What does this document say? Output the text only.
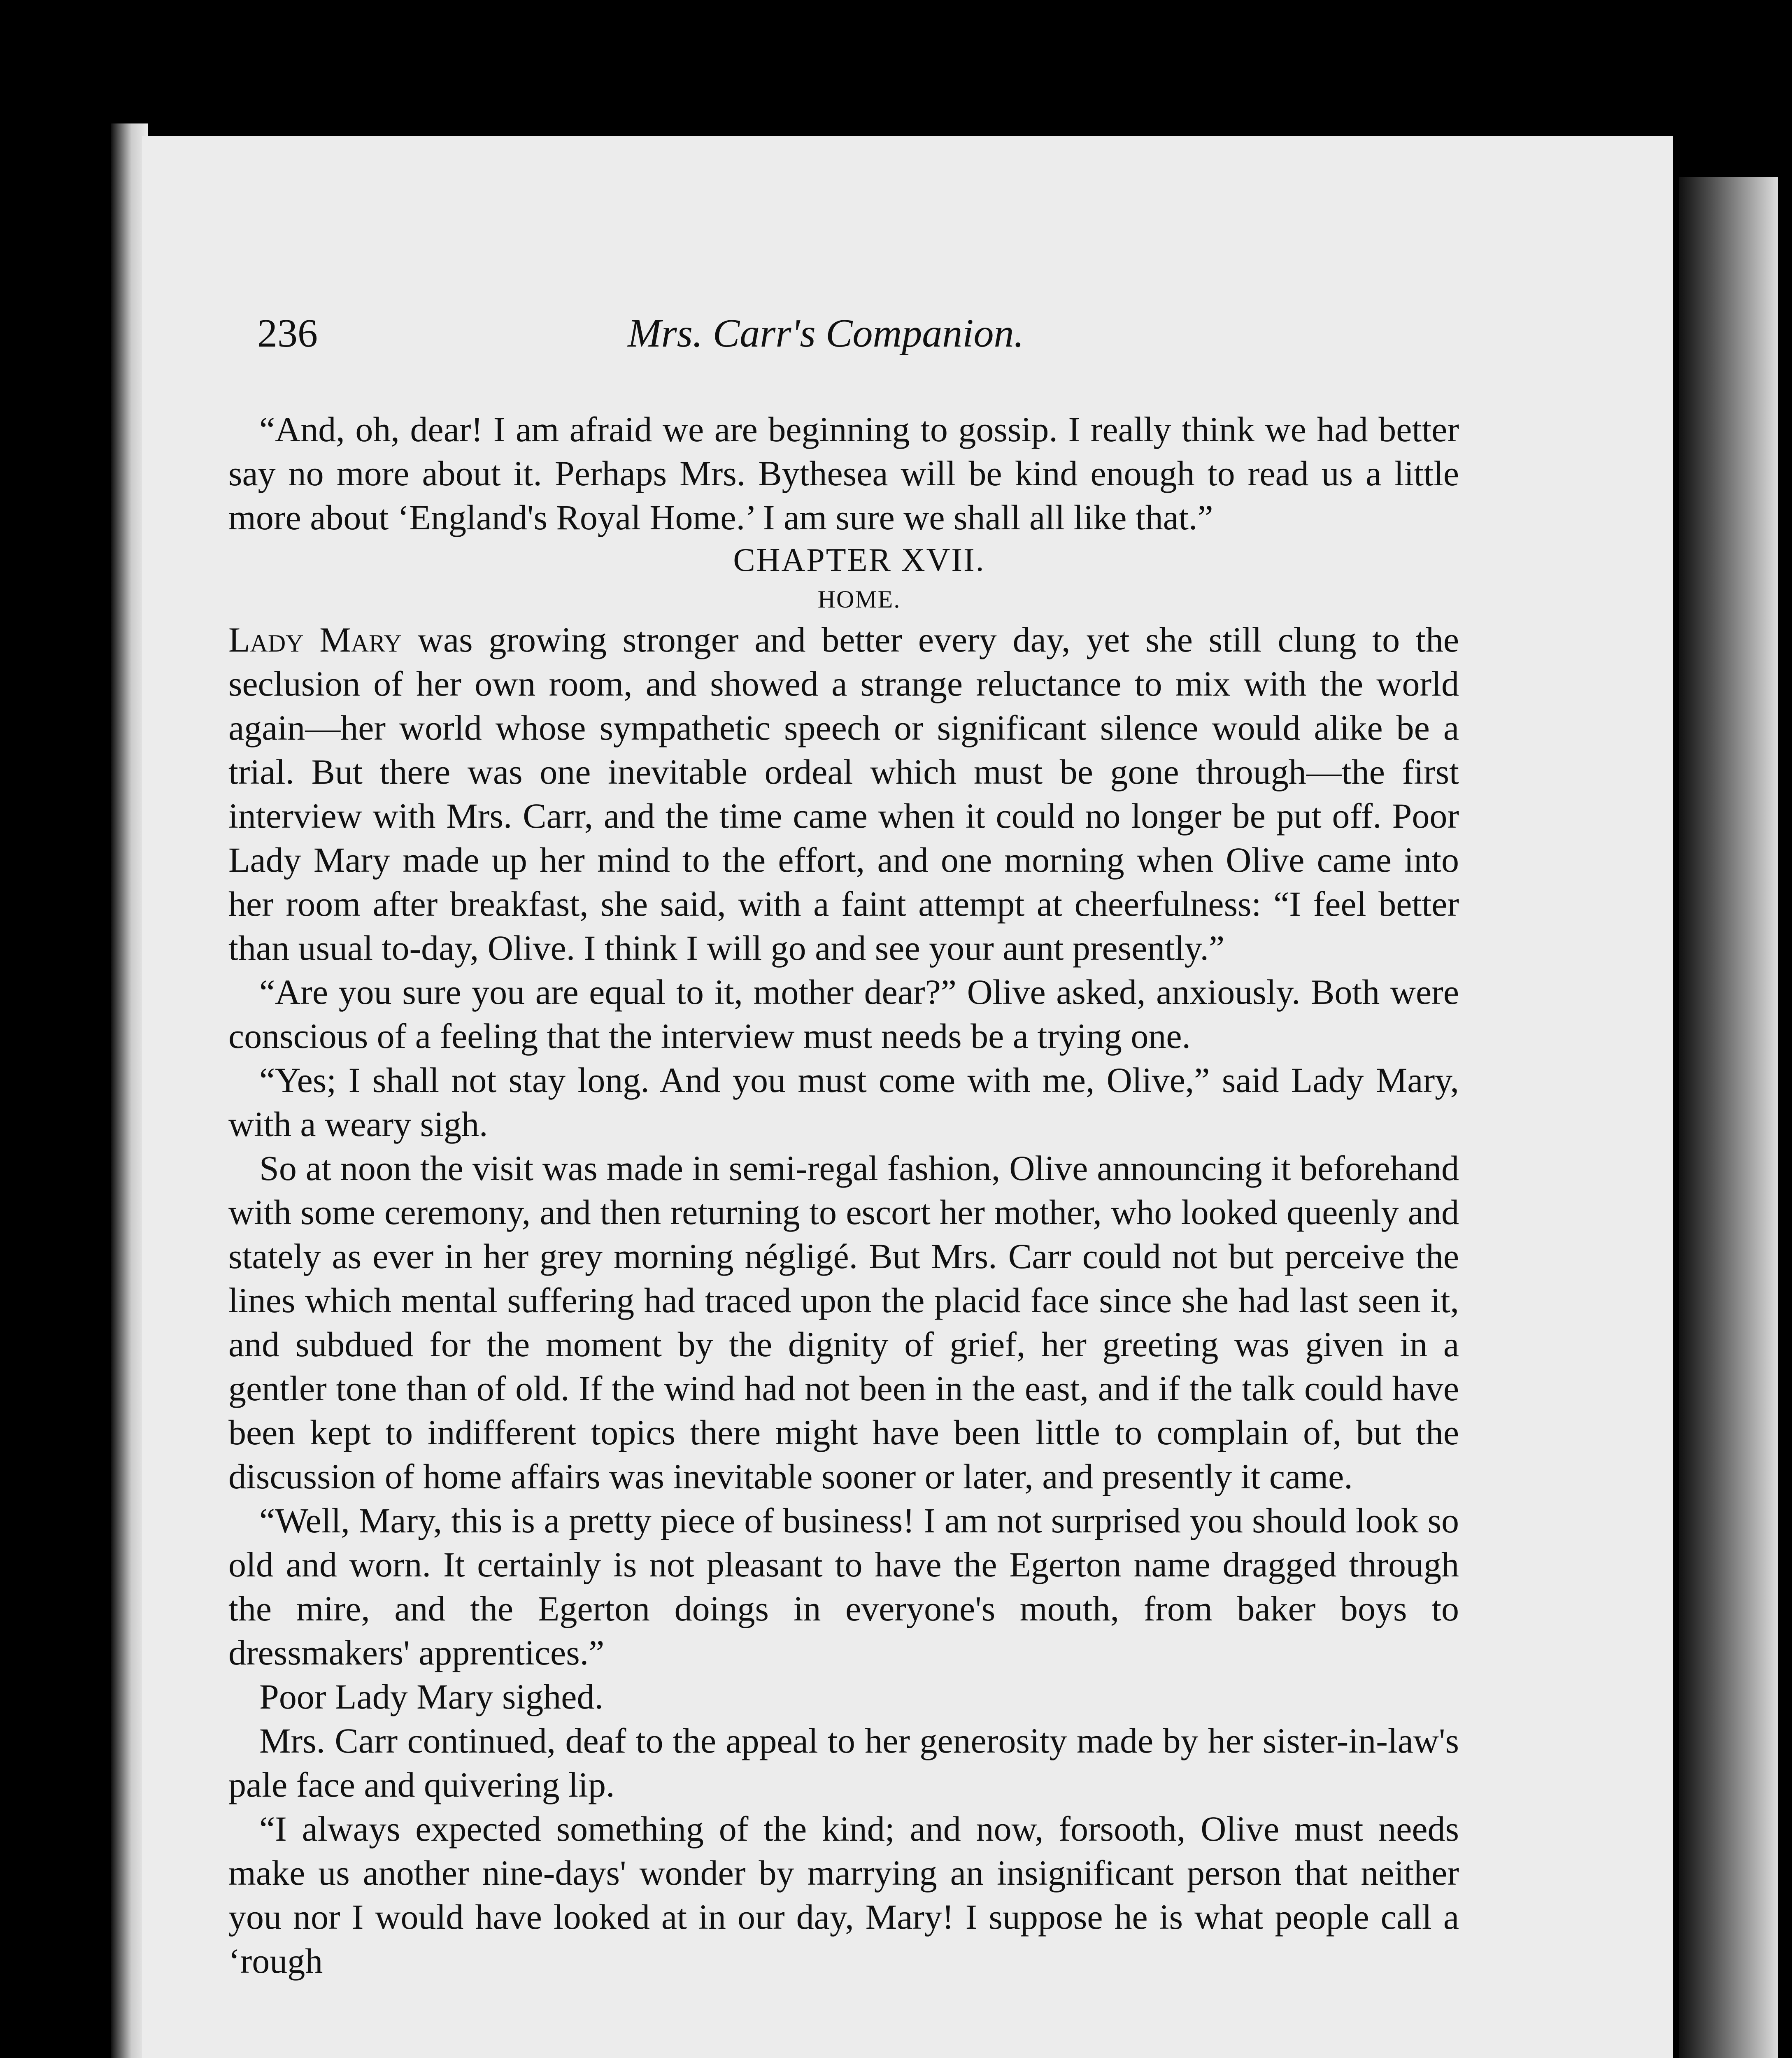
236	Mrs. Carr's Companion.

“And, oh, dear! I am afraid we are beginning to gossip. I really think we had better say no more about it. Perhaps Mrs. Bythesea will be kind enough to read us a little more about ‘England's Royal Home.’ I am sure we shall all like that.”

CHAPTER XVII.

HOME.

Lady Mary was growing stronger and better every day, yet she still clung to the seclusion of her own room, and showed a strange reluctance to mix with the world again—her world whose sympathetic speech or significant silence would alike be a trial. But there was one inevitable ordeal which must be gone through—the first interview with Mrs. Carr, and the time came when it could no longer be put off. Poor Lady Mary made up her mind to the effort, and one morning when Olive came into her room after breakfast, she said, with a faint attempt at cheerfulness: “I feel better than usual to-day, Olive. I think I will go and see your aunt presently.”

“Are you sure you are equal to it, mother dear?” Olive asked, anxiously. Both were conscious of a feeling that the interview must needs be a trying one.

“Yes; I shall not stay long. And you must come with me, Olive,” said Lady Mary, with a weary sigh.

So at noon the visit was made in semi-regal fashion, Olive announcing it beforehand with some ceremony, and then returning to escort her mother, who looked queenly and stately as ever in her grey morning négligé. But Mrs. Carr could not but perceive the lines which mental suffering had traced upon the placid face since she had last seen it, and subdued for the moment by the dignity of grief, her greeting was given in a gentler tone than of old. If the wind had not been in the east, and if the talk could have been kept to indifferent topics there might have been little to complain of, but the discussion of home affairs was inevitable sooner or later, and presently it came.

“Well, Mary, this is a pretty piece of business! I am not surprised you should look so old and worn. It certainly is not pleasant to have the Egerton name dragged through the mire, and the Egerton doings in everyone's mouth, from baker boys to dressmakers' apprentices.”

Poor Lady Mary sighed.

Mrs. Carr continued, deaf to the appeal to her generosity made by her sister-in-law's pale face and quivering lip.

“I always expected something of the kind; and now, forsooth, Olive must needs make us another nine-days' wonder by marrying an insignificant person that neither you nor I would have looked at in our day, Mary! I suppose he is what people call a ‘rough
